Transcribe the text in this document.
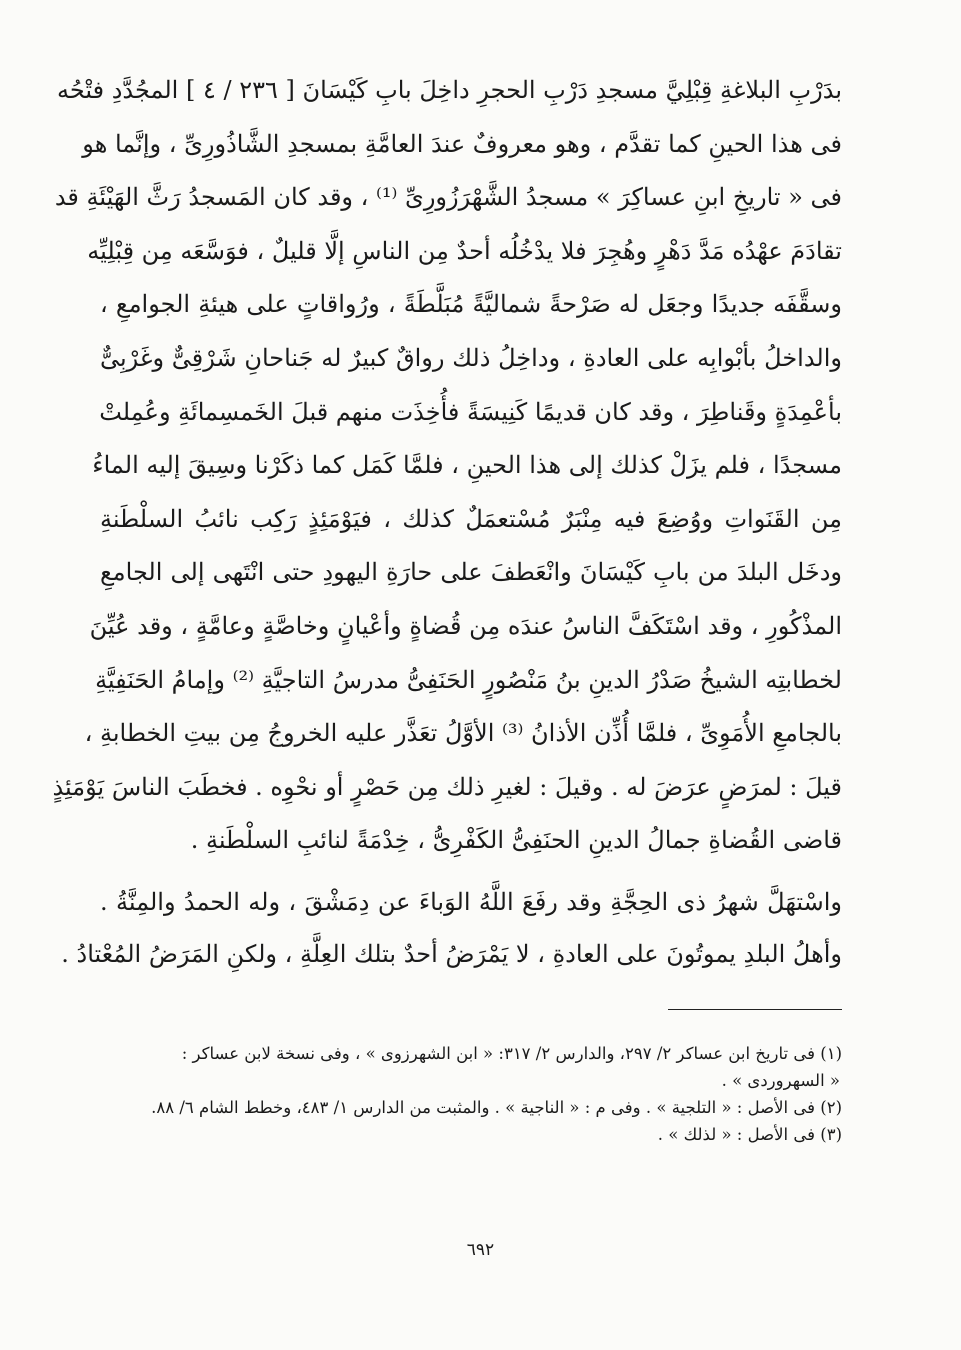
بدَرْبِ البلاغةِ قِبْلِيَّ مسجدِ دَرْبِ الحجرِ داخِلَ بابِ كَيْسَانَ [ ٢٣٦ / ٤ ] المجُدَّدِ فتْحُه
فى هذا الحينِ كما تقدَّم ، وهو معروفٌ عندَ العامَّةِ بمسجدِ الشَّاذُورِىِّ ، وإنَّما هو
فى « تاريخِ ابنِ عساكِرَ » مسجدُ الشَّهْرَزُورِىِّ ⁽¹⁾ ، وقد كان المَسجدُ رَثَّ الهَيْئَةِ قد
تقادَمَ عهْدُه مَدَّ دَهْرٍ وهُجِرَ فلا يدْخُلُه أحدٌ مِن الناسِ إلَّا قليلٌ ، فوَسَّعَه مِن قِبْلِيِّه
وسقَّفَه جديدًا وجعَل له صَرْحةً شماليَّةً مُبَلَّطَةً ، ورُواقاتٍ على هيئةِ الجوامعِ ،
والداخلُ بأبْوابِه على العادةِ ، وداخِلُ ذلك رواقٌ كبيرٌ له جَناحانِ شَرْقِىٌّ وغَرْبِىٌّ
بأعْمِدَةٍ وقَناطِرَ ، وقد كان قديمًا كَنِيسَةً فأُخِذَت منهم قبلَ الخَمسِمائَةِ وعُمِلتْ
مسجدًا ، فلم يزَلْ كذلك إلى هذا الحينِ ، فلمَّا كَمَل كما ذكَرْنا وسِيقَ إليه الماءُ
مِن القَنَواتِ ووُضِعَ فيه مِنْبَرٌ مُسْتعمَلٌ كذلك ، فيَوْمَئِذٍ رَكِب نائبُ السلْطَنةِ
ودخَل البلدَ من بابِ كَيْسَانَ وانْعَطفَ على حارَةِ اليهودِ حتى انْتَهى إلى الجامعِ
المذْكُورِ ، وقد اسْتَكَفَّ الناسُ عندَه مِن قُضاةٍ وأعْيانٍ وخاصَّةٍ وعامَّةٍ ، وقد عُيِّنَ
لخطابتِه الشيخُ صَدْرُ الدينِ بنُ مَنْصُورٍ الحَنَفِىُّ مدرسُ التاجيَّةِ ⁽²⁾ وإمامُ الحَنَفِيَّةِ
بالجامعِ الأُمَوِىِّ ، فلمَّا أُذِّن الأذانُ ⁽³⁾ الأوَّلُ تعَذَّر عليه الخروجُ مِن بيتِ الخطابةِ ،
قيلَ : لمرَضٍ عرَضَ له . وقيلَ : لغيرِ ذلك مِن حَصْرٍ أو نحْوِه . فخطَبَ الناسَ يَوْمَئِذٍ
قاضى القُضاةِ جمالُ الدينِ الحنَفِىُّ الكَفْرِىُّ ، خِدْمَةً لنائبِ السلْطَنةِ .
واسْتهَلَّ شهرُ ذى الحِجَّةِ وقد رفَعَ اللَّهُ الوَباءَ عن دِمَشْقَ ، وله الحمدُ والمِنَّةُ .
وأهلُ البلدِ يموتُونَ على العادةِ ، لا يَمْرَضُ أحدٌ بتلك العِلَّةِ ، ولكنِ المَرَضُ المُعْتادُ .
(١) فى تاريخ ابن عساكر ٢/ ٢٩٧، والدارس ٢/ ٣١٧: « ابن الشهرزوى » ، وفى نسخة لابن عساكر :
« السهروردى » .
(٢) فى الأصل : « التلجية » . وفى م : « الناجية » . والمثبت من الدارس ١/ ٤٨٣، وخطط الشام ٦/ ٨٨.
(٣) فى الأصل : « لذلك » .
٦٩٢
